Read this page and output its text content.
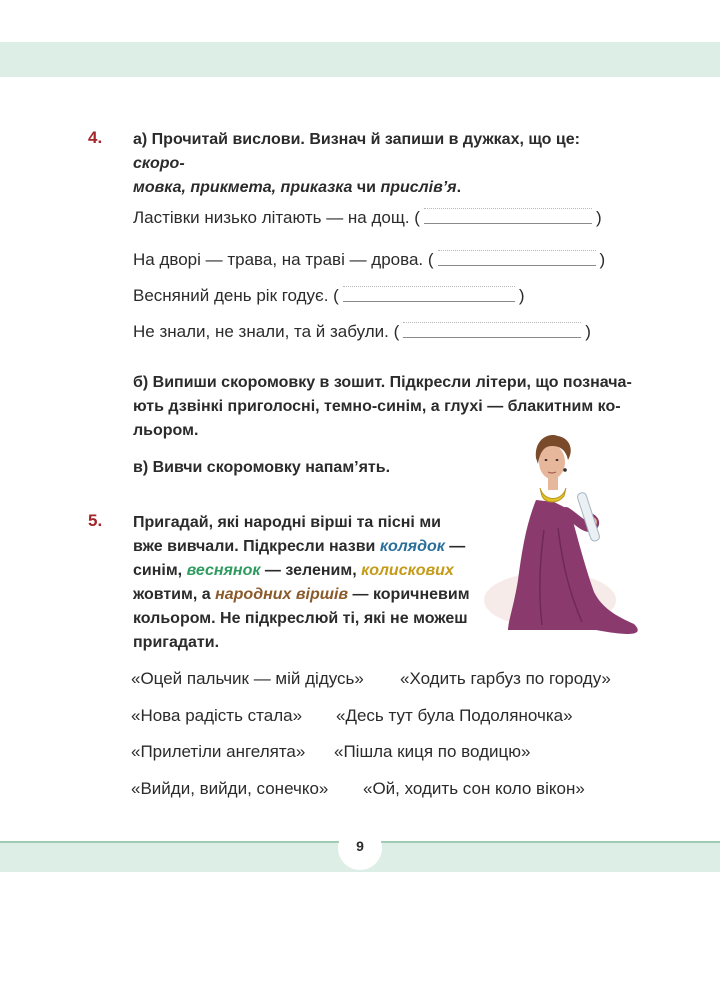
4. а) Прочитай вислови. Визнач й запиши в дужках, що це: скоро-
мовка, прикмета, приказка чи прислів’я.
Ластівки низько літають — на дощ. (	)
На дворі — трава, на траві — дрова. (	)
Весняний день рік годує. (	)
Не знали, не знали, та й забули. (	)
б) Випиши скоромовку в зошит. Підкресли літери, що познача-
ють дзвінкі приголосні, темно-синім, а глухі — блакитним ко-
льором.
в) Вивчи скоромовку напам’ять.
5. Пригадай, які народні вірші та пісні ми
вже вивчали. Підкресли назви колядок —
синім, веснянок — зеленим, колискових
жовтим, а народних віршів — коричневим
кольором. Не підкреслюй ті, які не можеш
пригадати.
«Оцей пальчик — мій дідусь» «Ходить гарбуз по городу»
«Нова радість стала» «Десь тут була Подоляночка»
«Прилетіли ангелята» «Пішла киця по водицю»
«Вийди, вийди, сонечко» «Ой, ходить сон коло вікон»
9
